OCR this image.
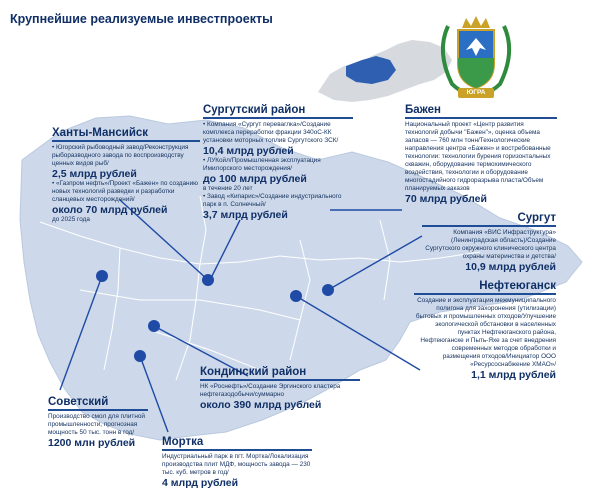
Крупнейшие реализуемые инвестпроекты
ЮГРА
Ханты-Мансийск
• Югорский рыбоводный завод/Реконструкция рыборазводного завода по воспроизводству ценных видов рыб/
2,5 млрд рублей
• «Газпром нефть»/Проект «Бажен» по созданию новых технологий разведки и разработки сланцевых месторождений/
около 70 млрд рублей
до 2025 года
Сургутский район
• Компания «Сургут переваглка»/Создание комплекса переработки фракции 340оС-КК установки моторных топлив Сургутского ЗСК/
10,4 млрд рублей
• ЛУКойл/Промышленная эксплуатация Имилорского месторождения/
до 100 млрд рублей
в течение 20 лет
• Завод «Кипарис»/Создание индустриального парк в п. Солнечный/
3,7 млрд рублей
Бажен
Национальный проект «Центр развития технологий добычи "Бажен"», оценка объема запасов — 760 млн тонн/Технологические направления центра «Бажен» и востребованные технологии: технологии бурения горизонтальных скважин, оборудование термохимического воздействия, технологии и оборудование многостадийного гидроразрыва пласта/Объем планируемых заказов
70 млрд рублей
Сургут
Компания «ВИС Инфраструктура» (Ленинградская область)/Создание Сургутского окружного клинического центра охраны материнства и детства/
10,9 млрд рублей
Нефтеюганск
Создание и эксплуатация межмуниципального полигона для захоронения (утилизации) бытовых и промышленных отходов/Улучшение экологической обстановки в населенных пунктах Нефтеюганского района, Нефтеюганске и Пыть-Яхе за счет внедрения современных методов обработки и размещения отходов/Инициатор ООО «Ресурсоснабжение ХМАО»/
1,1 млрд рублей
Кондинский район
НК «Роснефть»/Создание Эргинского кластера нефтегазодобычи/суммарно
около 390 млрд рублей
Советский
Производство смол для плитной промышленности, прогнозная мощность 50 тыс. тонн в год/
1200 млн рублей	Мортка
Индустриальный парк в пгт. Мортка/Локализация производства плит МДФ, мощность завода — 230 тыс. куб. метров в год/
4 млрд рублей
